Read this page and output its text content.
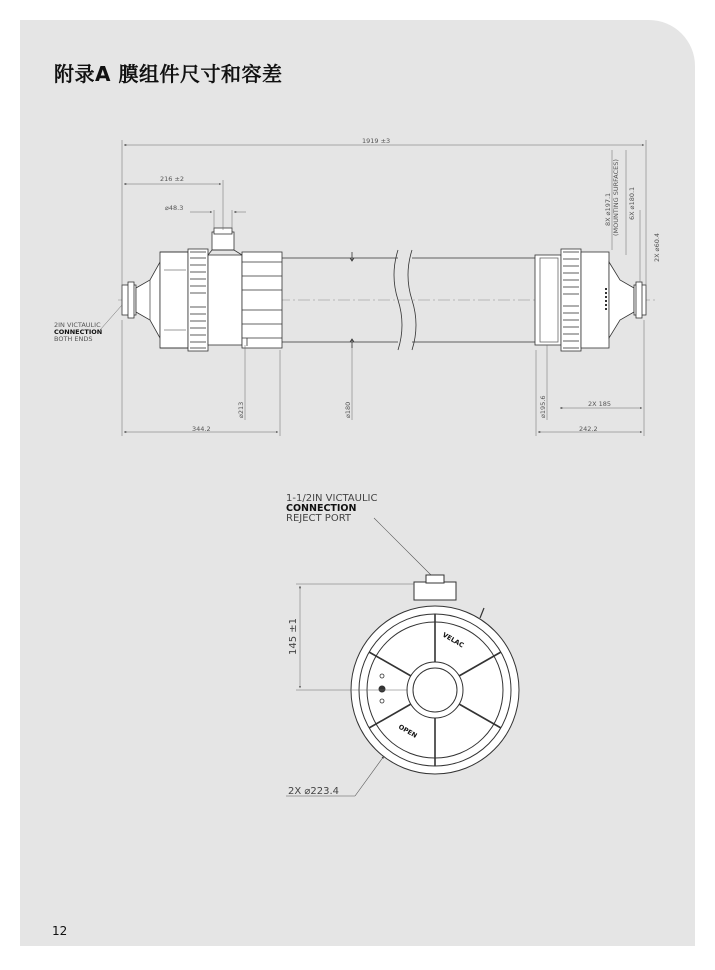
附录A 膜组件尺寸和容差
12
1919 ±3
216 ±2
⌀48.3
344.2	242.2
2X 185
⌀213	⌀180	⌀195.6
8X ⌀197.1 (MOUNTING SURFACES) 6X ⌀180.1
2X ⌀60.4
2IN VICTAULIC
CONNECTION
BOTH ENDS
VELAC
OPEN
1-1/2IN VICTAULIC
CONNECTION
REJECT PORT
145 ±1
2X ⌀223.4
